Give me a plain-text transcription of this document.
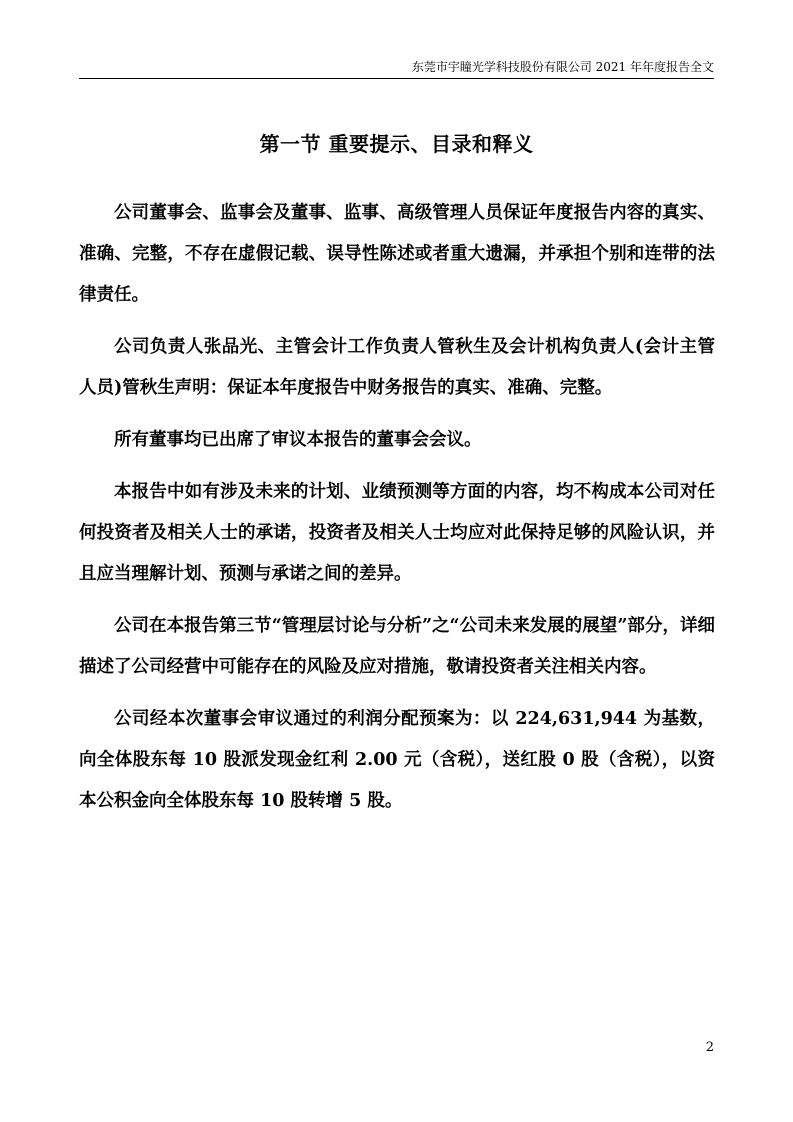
东莞市宇瞳光学科技股份有限公司 2021 年年度报告全文
第一节 重要提示、目录和释义

公司董事会、监事会及董事、监事、高级管理人员保证年度报告内容的真实、准确、完整，不存在虚假记载、误导性陈述或者重大遗漏，并承担个别和连带的法律责任。

公司负责人张品光、主管会计工作负责人管秋生及会计机构负责人(会计主管人员)管秋生声明：保证本年度报告中财务报告的真实、准确、完整。

所有董事均已出席了审议本报告的董事会会议。

本报告中如有涉及未来的计划、业绩预测等方面的内容，均不构成本公司对任何投资者及相关人士的承诺，投资者及相关人士均应对此保持足够的风险认识，并且应当理解计划、预测与承诺之间的差异。

公司在本报告第三节“管理层讨论与分析”之“公司未来发展的展望”部分，详细描述了公司经营中可能存在的风险及应对措施，敬请投资者关注相关内容。

公司经本次董事会审议通过的利润分配预案为：以 224,631,944 为基数，向全体股东每 10 股派发现金红利 2.00 元（含税），送红股 0 股（含税），以资本公积金向全体股东每 10 股转增 5 股。

2
